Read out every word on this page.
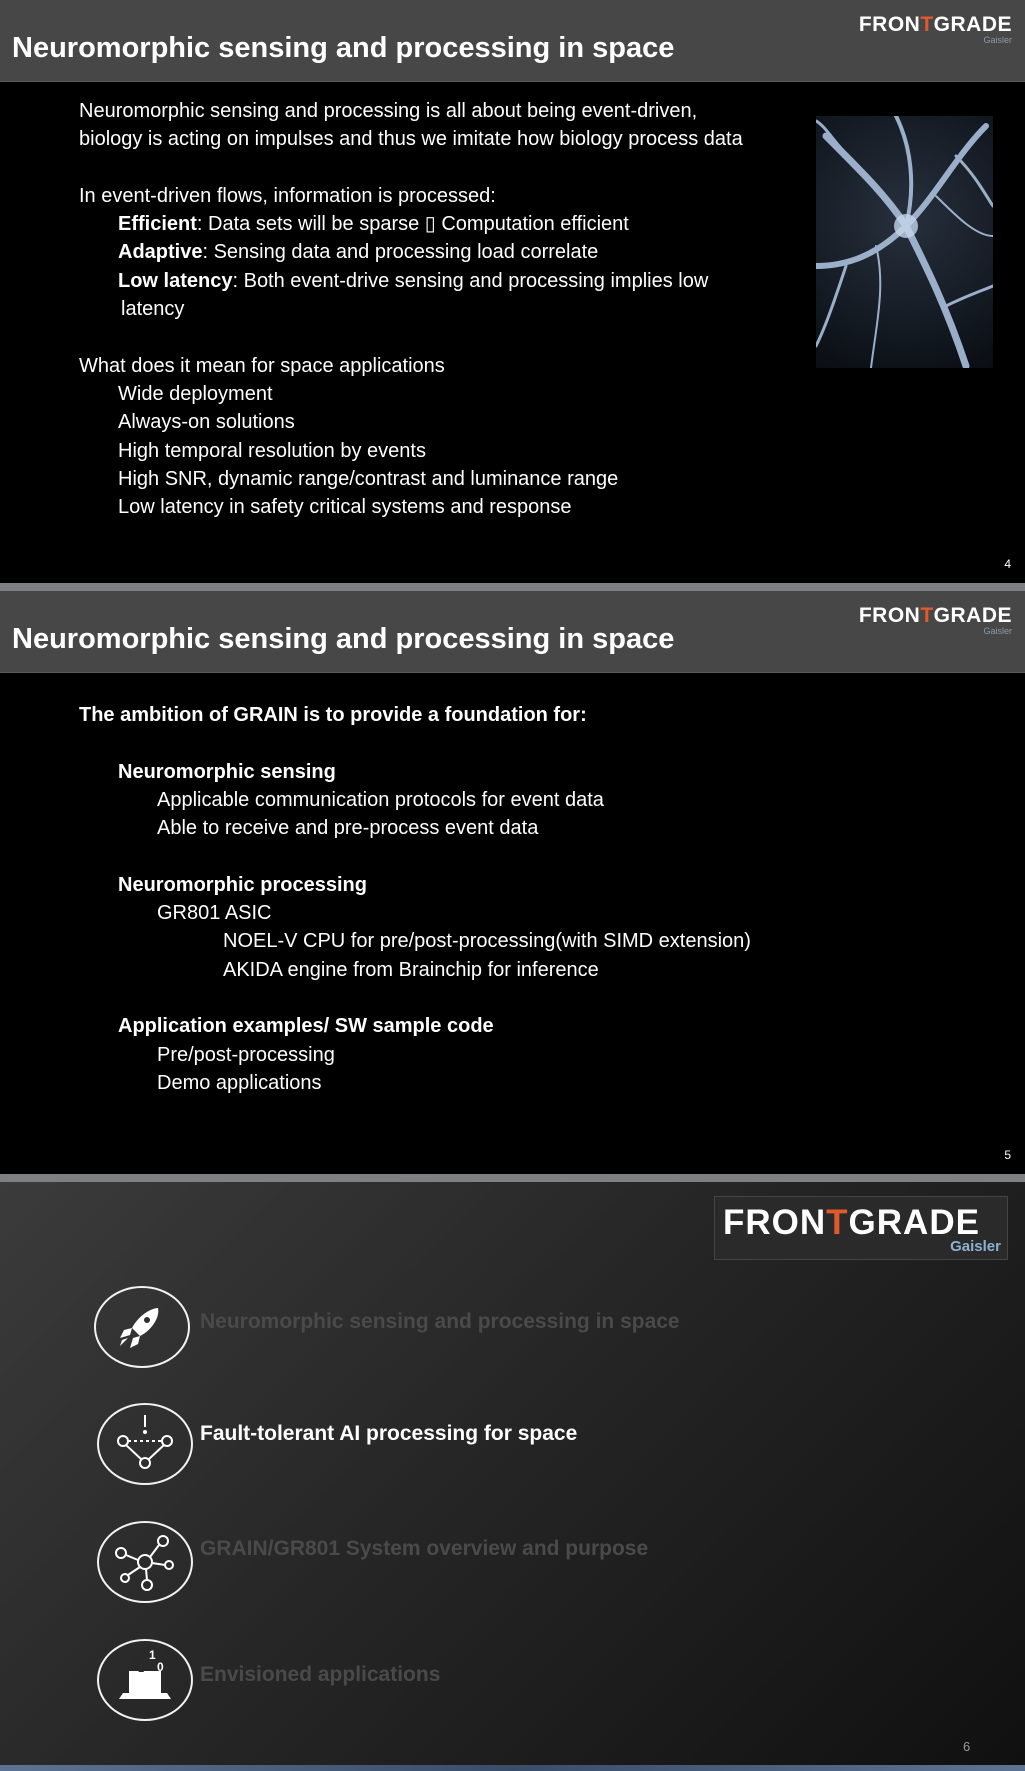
Neuromorphic sensing and processing in space
FRONTGRADE
Gaisler

Neuromorphic sensing and processing is all about being event-driven,

biology is acting on impulses and thus we imitate how biology process data

In event-driven flows, information is processed:

Efficient: Data sets will be sparse ▯ Computation efficient

Adaptive: Sensing data and processing load correlate

Low latency: Both event-drive sensing and processing implies low

latency

What does it mean for space applications

Wide deployment

Always-on solutions

High temporal resolution by events

High SNR, dynamic range/contrast and luminance range

Low latency in safety critical systems and response

4
Neuromorphic sensing and processing in space
FRONTGRADE
Gaisler

The ambition of GRAIN is to provide a foundation for:

Neuromorphic sensing

Applicable communication protocols for event data

Able to receive and pre-process event data

Neuromorphic processing

GR801 ASIC

NOEL-V CPU for pre/post-processing(with SIMD extension)

AKIDA engine from Brainchip for inference

Application examples/ SW sample code

Pre/post-processing

Demo applications

5
FRONTGRADE
Gaisler
Neuromorphic sensing and processing in space
Fault-tolerant AI processing for space
GRAIN/GR801 System overview and purpose
1
1 0 Envisioned applications
6
